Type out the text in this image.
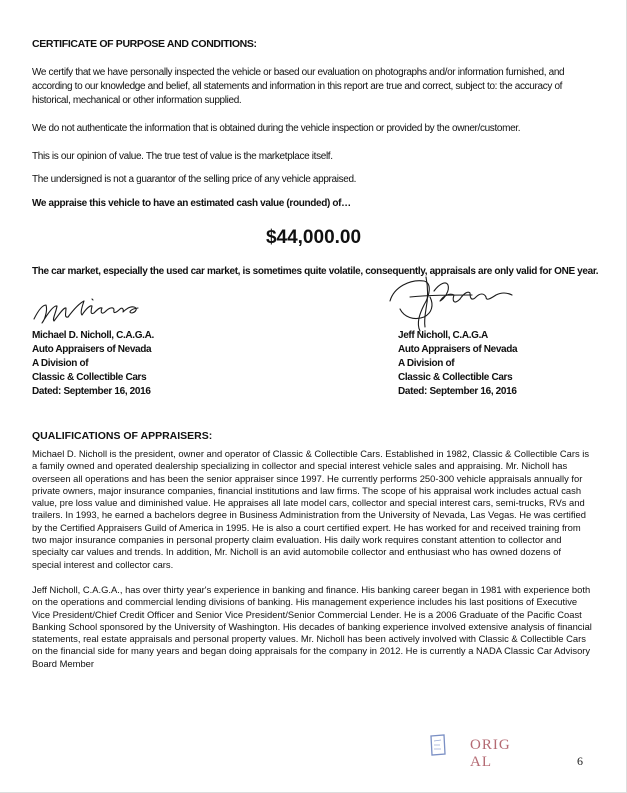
CERTIFICATE OF PURPOSE AND CONDITIONS:
We certify that we have personally inspected the vehicle or based our evaluation on photographs and/or information furnished, and according to our knowledge and belief, all statements and information in this report are true and correct, subject to: the accuracy of historical, mechanical or other information supplied.
We do not authenticate the information that is obtained during the vehicle inspection or provided by the owner/customer.
This is our opinion of value. The true test of value is the marketplace itself.
The undersigned is not a guarantor of the selling price of any vehicle appraised.
We appraise this vehicle to have an estimated cash value (rounded) of…
$44,000.00
The car market, especially the used car market, is sometimes quite volatile, consequently, appraisals are only valid for ONE year.
Michael D. Nicholl, C.A.G.A.
Auto Appraisers of Nevada
A Division of
Classic & Collectible Cars
Dated: September 16, 2016
Jeff Nicholl, C.A.G.A
Auto Appraisers of Nevada
A Division of
Classic & Collectible Cars
Dated: September 16, 2016
QUALIFICATIONS OF APPRAISERS:
Michael D. Nicholl is the president, owner and operator of Classic & Collectible Cars. Established in 1982, Classic & Collectible Cars is a family owned and operated dealership specializing in collector and special interest vehicle sales and appraising. Mr. Nicholl has overseen all operations and has been the senior appraiser since 1997. He currently performs 250-300 vehicle appraisals annually for private owners, major insurance companies, financial institutions and law firms. The scope of his appraisal work includes actual cash value, pre loss value and diminished value. He appraises all late model cars, collector and special interest cars, semi-trucks, RVs and trailers. In 1993, he earned a bachelors degree in Business Administration from the University of Nevada, Las Vegas. He was certified by the Certified Appraisers Guild of America in 1995. He is also a court certified expert. He has worked for and received training from two major insurance companies in personal property claim evaluation. His daily work requires constant attention to collector and specialty car values and trends. In addition, Mr. Nicholl is an avid automobile collector and enthusiast who has owned dozens of special interest and collector cars.
Jeff Nicholl, C.A.G.A., has over thirty year's experience in banking and finance. His banking career began in 1981 with experience both on the operations and commercial lending divisions of banking. His management experience includes his last positions of Executive Vice President/Chief Credit Officer and Senior Vice President/Senior Commercial Lender. He is a 2006 Graduate of the Pacific Coast Banking School sponsored by the University of Washington. His decades of banking experience involved extensive analysis of financial statements, real estate appraisals and personal property values. Mr. Nicholl has been actively involved with Classic & Collectible Cars on the financial side for many years and began doing appraisals for the company in 2012. He is currently a NADA Classic Car Advisory Board Member
ORIG AL	6
